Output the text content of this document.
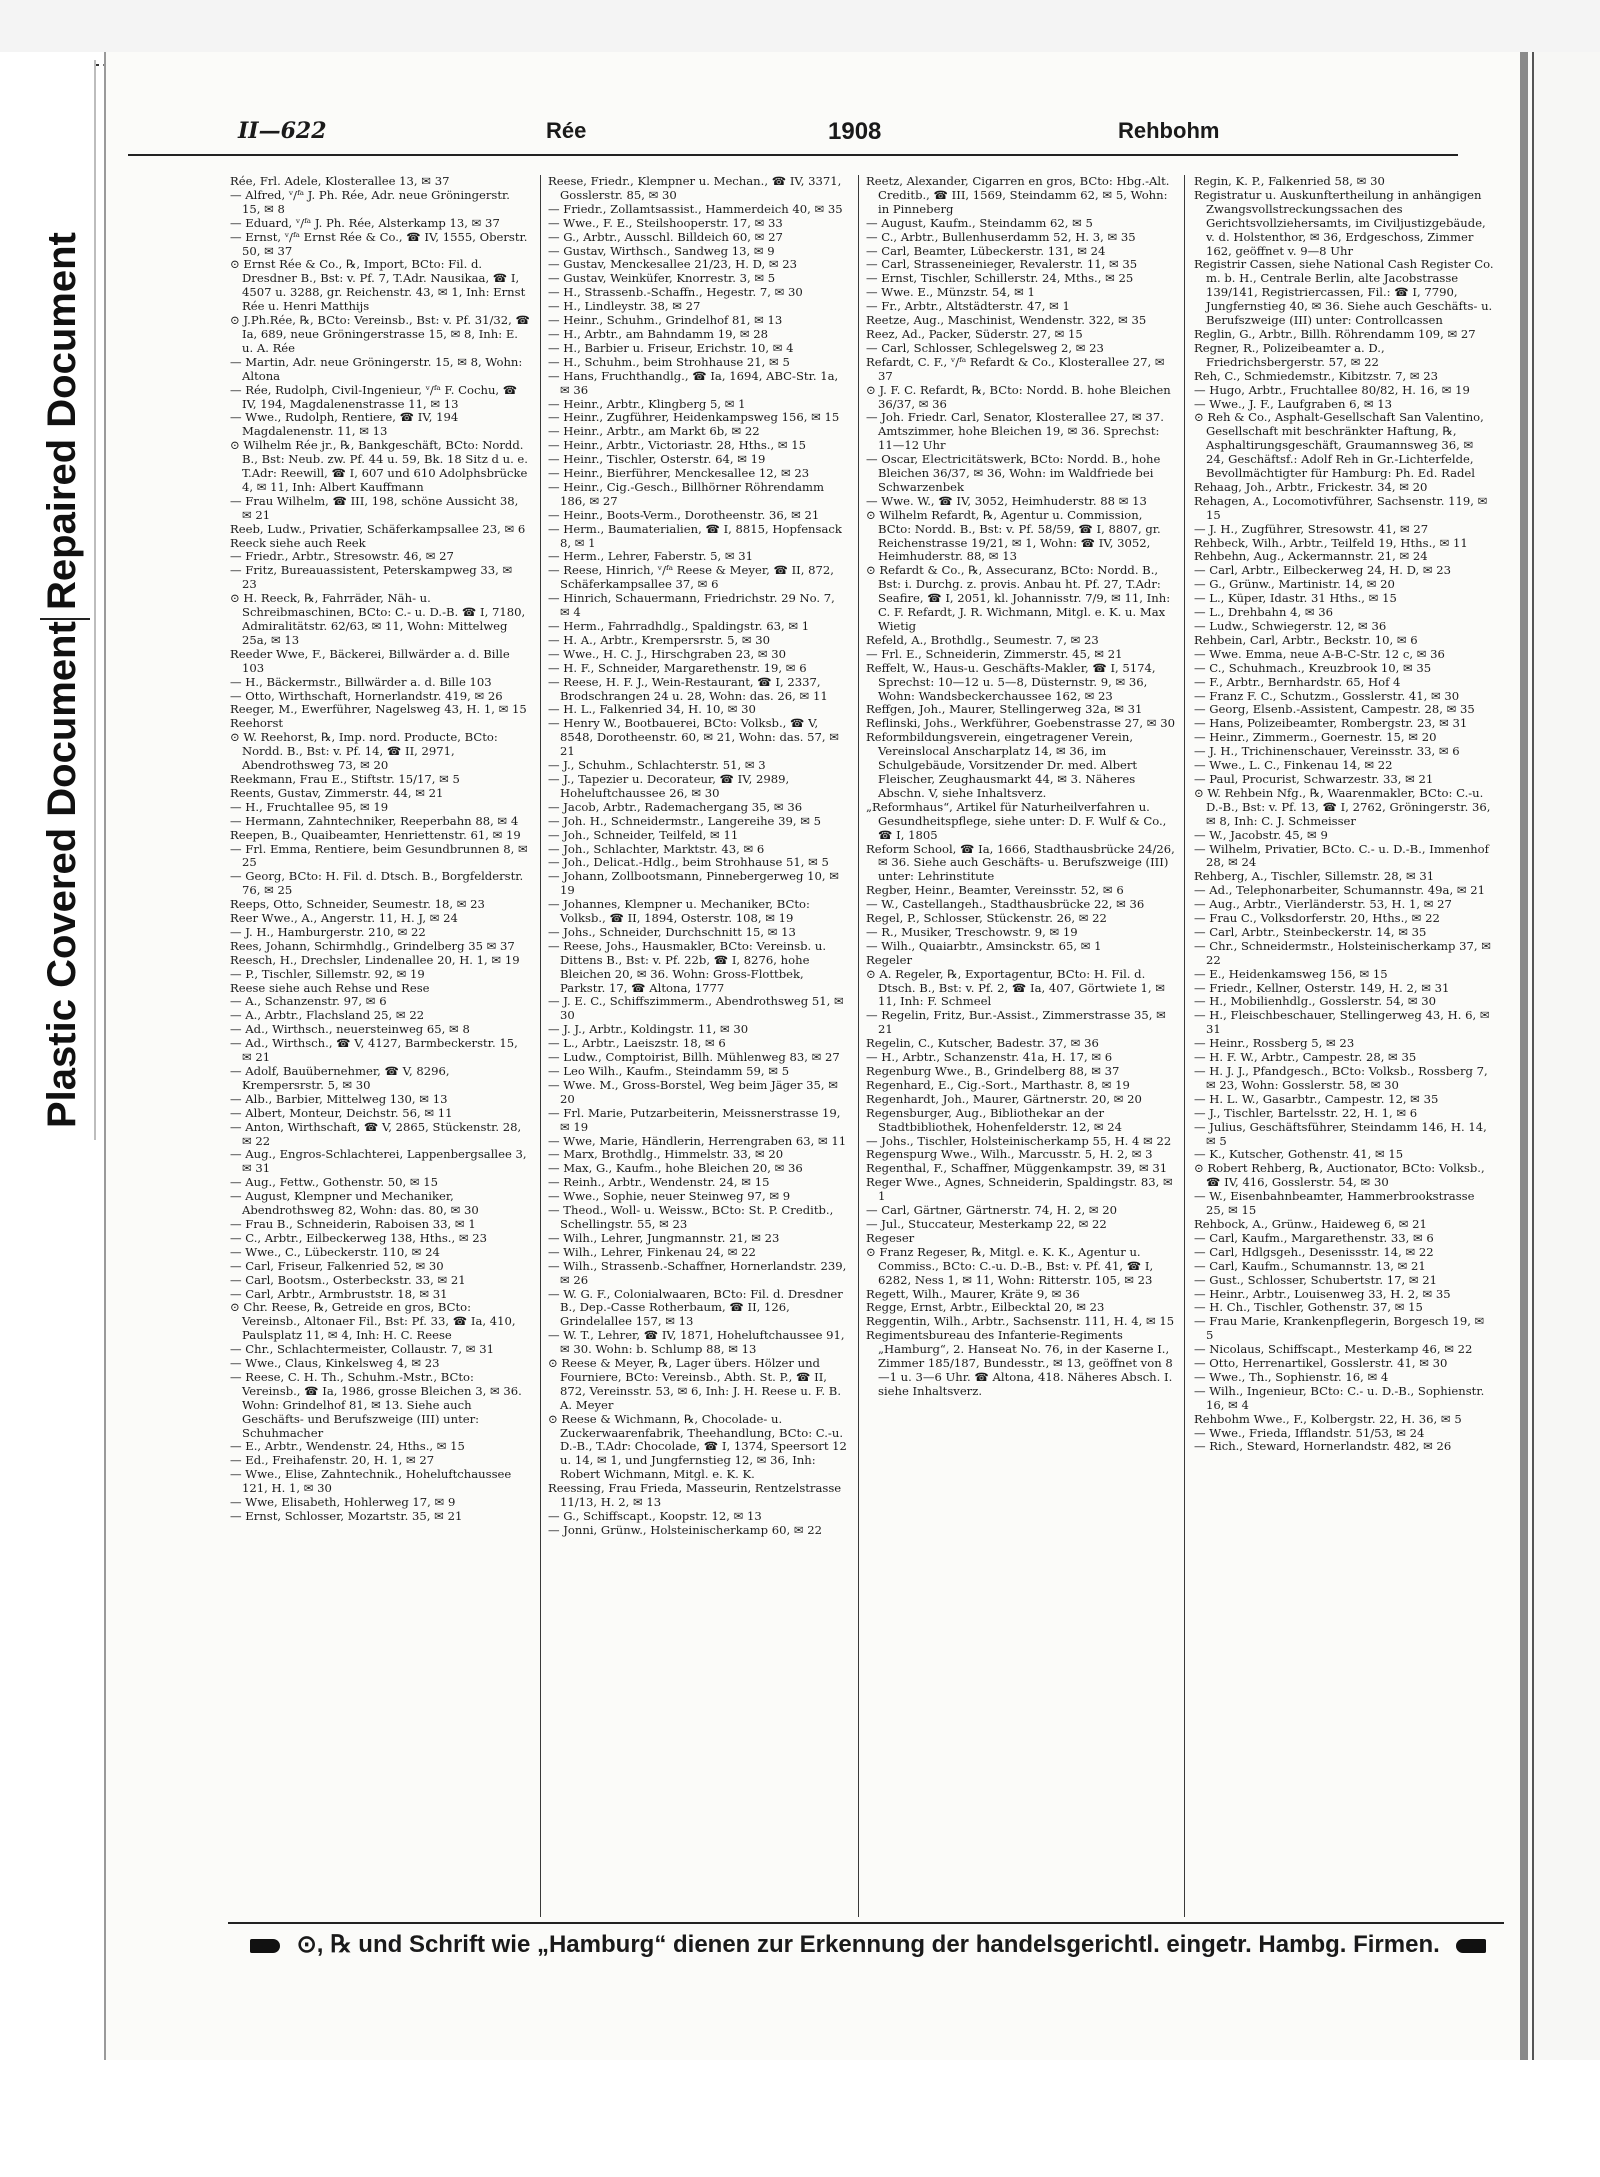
Repaired Document
Plastic Covered Document
II—622	Rée	1908	Rehbohm

Rée, Frl. Adele, Klosterallee 13, ✉ 37

— Alfred, ᵛ/ᶠᵃ J. Ph. Rée, Adr. neue Gröningerstr. 15, ✉ 8

— Eduard, ᵛ/ᶠᵃ J. Ph. Rée, Alsterkamp 13, ✉ 37

— Ernst, ᵛ/ᶠᵃ Ernst Rée & Co., ☎ IV, 1555, Oberstr. 50, ✉ 37

⊙ Ernst Rée & Co., ℞, Import, BCto: Fil. d. Dresdner B., Bst: v. Pf. 7, T.Adr. Nausikaa, ☎ I, 4507 u. 3288, gr. Reichenstr. 43, ✉ 1, Inh: Ernst Rée u. Henri Matthijs

⊙ J.Ph.Rée, ℞, BCto: Vereinsb., Bst: v. Pf. 31/32, ☎ Ia, 689, neue Gröningerstrasse 15, ✉ 8, Inh: E. u. A. Rée

— Martin, Adr. neue Gröningerstr. 15, ✉ 8, Wohn: Altona

— Rée, Rudolph, Civil-Ingenieur, ᵛ/ᶠᵃ F. Cochu, ☎ IV, 194, Magdalenenstrasse 11, ✉ 13

— Wwe., Rudolph, Rentiere, ☎ IV, 194 Magdalenenstr. 11, ✉ 13

⊙ Wilhelm Rée jr., ℞, Bankgeschäft, BCto: Nordd. B., Bst: Neub. zw. Pf. 44 u. 59, Bk. 18 Sitz d u. e. T.Adr: Reewill, ☎ I, 607 und 610 Adolphsbrücke 4, ✉ 11, Inh: Albert Kauffmann

— Frau Wilhelm, ☎ III, 198, schöne Aussicht 38, ✉ 21

Reeb, Ludw., Privatier, Schäferkampsallee 23, ✉ 6

Reeck siehe auch Reek

— Friedr., Arbtr., Stresowstr. 46, ✉ 27

— Fritz, Bureauassistent, Peterskampweg 33, ✉ 23

⊙ H. Reeck, ℞, Fahrräder, Näh- u. Schreibmaschinen, BCto: C.- u. D.-B. ☎ I, 7180, Admiralitätstr. 62/63, ✉ 11, Wohn: Mittelweg 25a, ✉ 13

Reeder Wwe, F., Bäckerei, Billwärder a. d. Bille 103

— H., Bäckermstr., Billwärder a. d. Bille 103

— Otto, Wirthschaft, Hornerlandstr. 419, ✉ 26

Reeger, M., Ewerführer, Nagelsweg 43, H. 1, ✉ 15

Reehorst

⊙ W. Reehorst, ℞, Imp. nord. Producte, BCto: Nordd. B., Bst: v. Pf. 14, ☎ II, 2971, Abendrothsweg 73, ✉ 20

Reekmann, Frau E., Stiftstr. 15/17, ✉ 5

Reents, Gustav, Zimmerstr. 44, ✉ 21

— H., Fruchtallee 95, ✉ 19

— Hermann, Zahntechniker, Reeperbahn 88, ✉ 4

Reepen, B., Quaibeamter, Henriettenstr. 61, ✉ 19

— Frl. Emma, Rentiere, beim Gesundbrunnen 8, ✉ 25

— Georg, BCto: H. Fil. d. Dtsch. B., Borgfelderstr. 76, ✉ 25

Reeps, Otto, Schneider, Seumestr. 18, ✉ 23

Reer Wwe., A., Angerstr. 11, H. J, ✉ 24

— J. H., Hamburgerstr. 210, ✉ 22

Rees, Johann, Schirmhdlg., Grindelberg 35 ✉ 37

Reesch, H., Drechsler, Lindenallee 20, H. 1, ✉ 19

— P., Tischler, Sillemstr. 92, ✉ 19

Reese siehe auch Rehse und Rese

— A., Schanzenstr. 97, ✉ 6

— A., Arbtr., Flachsland 25, ✉ 22

— Ad., Wirthsch., neuersteinweg 65, ✉ 8

— Ad., Wirthsch., ☎ V, 4127, Barmbeckerstr. 15, ✉ 21

— Adolf, Bauübernehmer, ☎ V, 8296, Krempersrstr. 5, ✉ 30

— Alb., Barbier, Mittelweg 130, ✉ 13

— Albert, Monteur, Deichstr. 56, ✉ 11

— Anton, Wirthschaft, ☎ V, 2865, Stückenstr. 28, ✉ 22

— Aug., Engros-Schlachterei, Lappenbergsallee 3, ✉ 31

— Aug., Fettw., Gothenstr. 50, ✉ 15

— August, Klempner und Mechaniker, Abendrothsweg 82, Wohn: das. 80, ✉ 30

— Frau B., Schneiderin, Raboisen 33, ✉ 1

— C., Arbtr., Eilbeckerweg 138, Hths., ✉ 23

— Wwe., C., Lübeckerstr. 110, ✉ 24

— Carl, Friseur, Falkenried 52, ✉ 30

— Carl, Bootsm., Osterbeckstr. 33, ✉ 21

— Carl, Arbtr., Armbruststr. 18, ✉ 31

⊙ Chr. Reese, ℞, Getreide en gros, BCto: Vereinsb., Altonaer Fil., Bst: Pf. 33, ☎ Ia, 410, Paulsplatz 11, ✉ 4, Inh: H. C. Reese

— Chr., Schlachtermeister, Collaustr. 7, ✉ 31

— Wwe., Claus, Kinkelsweg 4, ✉ 23

— Reese, C. H. Th., Schuhm.-Mstr., BCto: Vereinsb., ☎ Ia, 1986, grosse Bleichen 3, ✉ 36. Wohn: Grindelhof 81, ✉ 13. Siehe auch Geschäfts- und Berufszweige (III) unter: Schuhmacher

— E., Arbtr., Wendenstr. 24, Hths., ✉ 15

— Ed., Freihafenstr. 20, H. 1, ✉ 27

— Wwe., Elise, Zahntechnik., Hoheluftchaussee 121, H. 1, ✉ 30

— Wwe, Elisabeth, Hohlerweg 17, ✉ 9

— Ernst, Schlosser, Mozartstr. 35, ✉ 21

Reese, Friedr., Klempner u. Mechan., ☎ IV, 3371, Gosslerstr. 85, ✉ 30

— Friedr., Zollamtsassist., Hammerdeich 40, ✉ 35

— Wwe., F. E., Steilshooperstr. 17, ✉ 33

— G., Arbtr., Ausschl. Billdeich 60, ✉ 27

— Gustav, Wirthsch., Sandweg 13, ✉ 9

— Gustav, Menckesallee 21/23, H. D, ✉ 23

— Gustav, Weinküfer, Knorrestr. 3, ✉ 5

— H., Strassenb.-Schaffn., Hegestr. 7, ✉ 30

— H., Lindleystr. 38, ✉ 27

— Heinr., Schuhm., Grindelhof 81, ✉ 13

— H., Arbtr., am Bahndamm 19, ✉ 28

— H., Barbier u. Friseur, Erichstr. 10, ✉ 4

— H., Schuhm., beim Strohhause 21, ✉ 5

— Hans, Fruchthandlg., ☎ Ia, 1694, ABC-Str. 1a, ✉ 36

— Heinr., Arbtr., Klingberg 5, ✉ 1

— Heinr., Zugführer, Heidenkampsweg 156, ✉ 15

— Heinr., Arbtr., am Markt 6b, ✉ 22

— Heinr., Arbtr., Victoriastr. 28, Hths., ✉ 15

— Heinr., Tischler, Osterstr. 64, ✉ 19

— Heinr., Bierführer, Menckesallee 12, ✉ 23

— Heinr., Cig.-Gesch., Billhörner Röhrendamm 186, ✉ 27

— Heinr., Boots-Verm., Dorotheenstr. 36, ✉ 21

— Herm., Baumaterialien, ☎ I, 8815, Hopfensack 8, ✉ 1

— Herm., Lehrer, Faberstr. 5, ✉ 31

— Reese, Hinrich, ᵛ/ᶠᵃ Reese & Meyer, ☎ II, 872, Schäferkampsallee 37, ✉ 6

— Hinrich, Schauermann, Friedrichstr. 29 No. 7, ✉ 4

— Herm., Fahrradhdlg., Spaldingstr. 63, ✉ 1

— H. A., Arbtr., Krempersrstr. 5, ✉ 30

— Wwe., H. C. J., Hirschgraben 23, ✉ 30

— H. F., Schneider, Margarethenstr. 19, ✉ 6

— Reese, H. F. J., Wein-Restaurant, ☎ I, 2337, Brodschrangen 24 u. 28, Wohn: das. 26, ✉ 11

— H. L., Falkenried 34, H. 10, ✉ 30

— Henry W., Bootbauerei, BCto: Volksb., ☎ V, 8548, Dorotheenstr. 60, ✉ 21, Wohn: das. 57, ✉ 21

— J., Schuhm., Schlachterstr. 51, ✉ 3

— J., Tapezier u. Decorateur, ☎ IV, 2989, Hoheluftchaussee 26, ✉ 30

— Jacob, Arbtr., Rademachergang 35, ✉ 36

— Joh. H., Schneidermstr., Langereihe 39, ✉ 5

— Joh., Schneider, Teilfeld, ✉ 11

— Joh., Schlachter, Marktstr. 43, ✉ 6

— Joh., Delicat.-Hdlg., beim Strohhause 51, ✉ 5

— Johann, Zollbootsmann, Pinnebergerweg 10, ✉ 19

— Johannes, Klempner u. Mechaniker, BCto: Volksb., ☎ II, 1894, Osterstr. 108, ✉ 19

— Johs., Schneider, Durchschnitt 15, ✉ 13

— Reese, Johs., Hausmakler, BCto: Vereinsb. u. Dittens B., Bst: v. Pf. 22b, ☎ I, 8276, hohe Bleichen 20, ✉ 36. Wohn: Gross-Flottbek, Parkstr. 17, ☎ Altona, 1777

— J. E. C., Schiffszimmerm., Abendrothsweg 51, ✉ 30

— J. J., Arbtr., Koldingstr. 11, ✉ 30

— L., Arbtr., Laeiszstr. 18, ✉ 6

— Ludw., Comptoirist, Billh. Mühlenweg 83, ✉ 27

— Leo Wilh., Kaufm., Steindamm 59, ✉ 5

— Wwe. M., Gross-Borstel, Weg beim Jäger 35, ✉ 20

— Frl. Marie, Putzarbeiterin, Meissnerstrasse 19, ✉ 19

— Wwe, Marie, Händlerin, Herrengraben 63, ✉ 11

— Marx, Brothdlg., Himmelstr. 33, ✉ 20

— Max, G., Kaufm., hohe Bleichen 20, ✉ 36

— Reinh., Arbtr., Wendenstr. 24, ✉ 15

— Wwe., Sophie, neuer Steinweg 97, ✉ 9

— Theod., Woll- u. Weissw., BCto: St. P. Creditb., Schellingstr. 55, ✉ 23

— Wilh., Lehrer, Jungmannstr. 21, ✉ 23

— Wilh., Lehrer, Finkenau 24, ✉ 22

— Wilh., Strassenb.-Schaffner, Hornerlandstr. 239, ✉ 26

— W. G. F., Colonialwaaren, BCto: Fil. d. Dresdner B., Dep.-Casse Rotherbaum, ☎ II, 126, Grindelallee 157, ✉ 13

— W. T., Lehrer, ☎ IV, 1871, Hoheluftchaussee 91, ✉ 30. Wohn: b. Schlump 88, ✉ 13

⊙ Reese & Meyer, ℞, Lager übers. Hölzer und Fourniere, BCto: Vereinsb., Abth. St. P., ☎ II, 872, Vereinsstr. 53, ✉ 6, Inh: J. H. Reese u. F. B. A. Meyer

⊙ Reese & Wichmann, ℞, Chocolade- u. Zuckerwaarenfabrik, Theehandlung, BCto: C.-u. D.-B., T.Adr: Chocolade, ☎ I, 1374, Speersort 12 u. 14, ✉ 1, und Jungfernstieg 12, ✉ 36, Inh: Robert Wichmann, Mitgl. e. K. K.

Reessing, Frau Frieda, Masseurin, Rentzelstrasse 11/13, H. 2, ✉ 13

— G., Schiffscapt., Koopstr. 12, ✉ 13

— Jonni, Grünw., Holsteinischerkamp 60, ✉ 22

Reetz, Alexander, Cigarren en gros, BCto: Hbg.-Alt. Creditb., ☎ III, 1569, Steindamm 62, ✉ 5, Wohn: in Pinneberg

— August, Kaufm., Steindamm 62, ✉ 5

— C., Arbtr., Bullenhuserdamm 52, H. 3, ✉ 35

— Carl, Beamter, Lübeckerstr. 131, ✉ 24

— Carl, Strasseneinieger, Revalerstr. 11, ✉ 35

— Ernst, Tischler, Schillerstr. 24, Mths., ✉ 25

— Wwe. E., Münzstr. 54, ✉ 1

— Fr., Arbtr., Altstädterstr. 47, ✉ 1

Reetze, Aug., Maschinist, Wendenstr. 322, ✉ 35

Reez, Ad., Packer, Süderstr. 27, ✉ 15

— Carl, Schlosser, Schlegelsweg 2, ✉ 23

Refardt, C. F., ᵛ/ᶠᵃ Refardt & Co., Klosterallee 27, ✉ 37

⊙ J. F. C. Refardt, ℞, BCto: Nordd. B. hohe Bleichen 36/37, ✉ 36

— Joh. Friedr. Carl, Senator, Klosterallee 27, ✉ 37. Amtszimmer, hohe Bleichen 19, ✉ 36. Sprechst: 11—12 Uhr

— Oscar, Electricitätswerk, BCto: Nordd. B., hohe Bleichen 36/37, ✉ 36, Wohn: im Waldfriede bei Schwarzenbek

— Wwe. W., ☎ IV, 3052, Heimhuderstr. 88 ✉ 13

⊙ Wilhelm Refardt, ℞, Agentur u. Commission, BCto: Nordd. B., Bst: v. Pf. 58/59, ☎ I, 8807, gr. Reichenstrasse 19/21, ✉ 1, Wohn: ☎ IV, 3052, Heimhuderstr. 88, ✉ 13

⊙ Refardt & Co., ℞, Assecuranz, BCto: Nordd. B., Bst: i. Durchg. z. provis. Anbau ht. Pf. 27, T.Adr: Seafire, ☎ I, 2051, kl. Johannisstr. 7/9, ✉ 11, Inh: C. F. Refardt, J. R. Wichmann, Mitgl. e. K. u. Max Wietig

Refeld, A., Brothdlg., Seumestr. 7, ✉ 23

— Frl. E., Schneiderin, Zimmerstr. 45, ✉ 21

Reffelt, W., Haus-u. Geschäfts-Makler, ☎ I, 5174, Sprechst: 10—12 u. 5—8, Düsternstr. 9, ✉ 36, Wohn: Wandsbeckerchaussee 162, ✉ 23

Reffgen, Joh., Maurer, Stellingerweg 32a, ✉ 31

Reflinski, Johs., Werkführer, Goebenstrasse 27, ✉ 30

Reformbildungsverein, eingetragener Verein, Vereinslocal Anscharplatz 14, ✉ 36, im Schulgebäude, Vorsitzender Dr. med. Albert Fleischer, Zeughausmarkt 44, ✉ 3. Näheres Abschn. V, siehe Inhaltsverz.

„Reformhaus“, Artikel für Naturheilverfahren u. Gesundheitspflege, siehe unter: D. F. Wulf & Co., ☎ I, 1805

Reform School, ☎ Ia, 1666, Stadthausbrücke 24/26, ✉ 36. Siehe auch Geschäfts- u. Berufszweige (III) unter: Lehrinstitute

Regber, Heinr., Beamter, Vereinsstr. 52, ✉ 6

— W., Castellangeh., Stadthausbrücke 22, ✉ 36

Regel, P., Schlosser, Stückenstr. 26, ✉ 22

— R., Musiker, Treschowstr. 9, ✉ 19

— Wilh., Quaiarbtr., Amsinckstr. 65, ✉ 1

Regeler

⊙ A. Regeler, ℞, Exportagentur, BCto: H. Fil. d. Dtsch. B., Bst: v. Pf. 2, ☎ Ia, 407, Görtwiete 1, ✉ 11, Inh: F. Schmeel

— Regelin, Fritz, Bur.-Assist., Zimmerstrasse 35, ✉ 21

Regelin, C., Kutscher, Badestr. 37, ✉ 36

— H., Arbtr., Schanzenstr. 41a, H. 17, ✉ 6

Regenburg Wwe., B., Grindelberg 88, ✉ 37

Regenhard, E., Cig.-Sort., Marthastr. 8, ✉ 19

Regenhardt, Joh., Maurer, Gärtnerstr. 20, ✉ 20

Regensburger, Aug., Bibliothekar an der Stadtbibliothek, Hohenfelderstr. 12, ✉ 24

— Johs., Tischler, Holsteinischerkamp 55, H. 4 ✉ 22

Regenspurg Wwe., Wilh., Marcusstr. 5, H. 2, ✉ 3

Regenthal, F., Schaffner, Müggenkampstr. 39, ✉ 31

Reger Wwe., Agnes, Schneiderin, Spaldingstr. 83, ✉ 1

— Carl, Gärtner, Gärtnerstr. 74, H. 2, ✉ 20

— Jul., Stuccateur, Mesterkamp 22, ✉ 22

Regeser

⊙ Franz Regeser, ℞, Mitgl. e. K. K., Agentur u. Commiss., BCto: C.-u. D.-B., Bst: v. Pf. 41, ☎ I, 6282, Ness 1, ✉ 11, Wohn: Ritterstr. 105, ✉ 23

Regett, Wilh., Maurer, Kräte 9, ✉ 36

Regge, Ernst, Arbtr., Eilbecktal 20, ✉ 23

Reggentin, Wilh., Arbtr., Sachsenstr. 111, H. 4, ✉ 15

Regimentsbureau des Infanterie-Regiments „Hamburg“, 2. Hanseat No. 76, in der Kaserne I., Zimmer 185/187, Bundesstr., ✉ 13, geöffnet von 8—1 u. 3—6 Uhr. ☎ Altona, 418. Näheres Absch. I. siehe Inhaltsverz.

Regin, K. P., Falkenried 58, ✉ 30

Registratur u. Auskunftertheilung in anhängigen Zwangsvollstreckungssachen des Gerichtsvollziehersamts, im Civiljustizgebäude, v. d. Holstenthor, ✉ 36, Erdgeschoss, Zimmer 162, geöffnet v. 9—8 Uhr

Registrir Cassen, siehe National Cash Register Co. m. b. H., Centrale Berlin, alte Jacobstrasse 139/141, Registriercassen, Fil.: ☎ I, 7790, Jungfernstieg 40, ✉ 36. Siehe auch Geschäfts- u. Berufszweige (III) unter: Controllcassen

Reglin, G., Arbtr., Billh. Röhrendamm 109, ✉ 27

Regner, R., Polizeibeamter a. D., Friedrichsbergerstr. 57, ✉ 22

Reh, C., Schmiedemstr., Kibitzstr. 7, ✉ 23

— Hugo, Arbtr., Fruchtallee 80/82, H. 16, ✉ 19

— Wwe., J. F., Laufgraben 6, ✉ 13

⊙ Reh & Co., Asphalt-Gesellschaft San Valentino, Gesellschaft mit beschränkter Haftung, ℞, Asphaltirungsgeschäft, Graumannsweg 36, ✉ 24, Geschäftsf.: Adolf Reh in Gr.-Lichterfelde, Bevollmächtigter für Hamburg: Ph. Ed. Radel

Rehaag, Joh., Arbtr., Frickestr. 34, ✉ 20

Rehagen, A., Locomotivführer, Sachsenstr. 119, ✉ 15

— J. H., Zugführer, Stresowstr. 41, ✉ 27

Rehbeck, Wilh., Arbtr., Teilfeld 19, Hths., ✉ 11

Rehbehn, Aug., Ackermannstr. 21, ✉ 24

— Carl, Arbtr., Eilbeckerweg 24, H. D, ✉ 23

— G., Grünw., Martinistr. 14, ✉ 20

— L., Küper, Idastr. 31 Hths., ✉ 15

— L., Drehbahn 4, ✉ 36

— Ludw., Schwiegerstr. 12, ✉ 36

Rehbein, Carl, Arbtr., Beckstr. 10, ✉ 6

— Wwe. Emma, neue A-B-C-Str. 12 c, ✉ 36

— C., Schuhmach., Kreuzbrook 10, ✉ 35

— F., Arbtr., Bernhardstr. 65, Hof 4

— Franz F. C., Schutzm., Gosslerstr. 41, ✉ 30

— Georg, Elsenb.-Assistent, Campestr. 28, ✉ 35

— Hans, Polizeibeamter, Rombergstr. 23, ✉ 31

— Heinr., Zimmerm., Goernestr. 15, ✉ 20

— J. H., Trichinenschauer, Vereinsstr. 33, ✉ 6

— Wwe., L. C., Finkenau 14, ✉ 22

— Paul, Procurist, Schwarzestr. 33, ✉ 21

⊙ W. Rehbein Nfg., ℞, Waarenmakler, BCto: C.-u. D.-B., Bst: v. Pf. 13, ☎ I, 2762, Gröningerstr. 36, ✉ 8, Inh: C. J. Schmeisser

— W., Jacobstr. 45, ✉ 9

— Wilhelm, Privatier, BCto. C.- u. D.-B., Immenhof 28, ✉ 24

Rehberg, A., Tischler, Sillemstr. 28, ✉ 31

— Ad., Telephonarbeiter, Schumannstr. 49a, ✉ 21

— Aug., Arbtr., Vierländerstr. 53, H. 1, ✉ 27

— Frau C., Volksdorferstr. 20, Hths., ✉ 22

— Carl, Arbtr., Steinbeckerstr. 14, ✉ 35

— Chr., Schneidermstr., Holsteinischerkamp 37, ✉ 22

— E., Heidenkamsweg 156, ✉ 15

— Friedr., Kellner, Osterstr. 149, H. 2, ✉ 31

— H., Mobilienhdlg., Gosslerstr. 54, ✉ 30

— H., Fleischbeschauer, Stellingerweg 43, H. 6, ✉ 31

— Heinr., Rossberg 5, ✉ 23

— H. F. W., Arbtr., Campestr. 28, ✉ 35

— H. J. J., Pfandgesch., BCto: Volksb., Rossberg 7, ✉ 23, Wohn: Gosslerstr. 58, ✉ 30

— H. L. W., Gasarbtr., Campestr. 12, ✉ 35

— J., Tischler, Bartelsstr. 22, H. 1, ✉ 6

— Julius, Geschäftsführer, Steindamm 146, H. 14, ✉ 5

— K., Kutscher, Gothenstr. 41, ✉ 15

⊙ Robert Rehberg, ℞, Auctionator, BCto: Volksb., ☎ IV, 416, Gosslerstr. 54, ✉ 30

— W., Eisenbahnbeamter, Hammerbrookstrasse 25, ✉ 15

Rehbock, A., Grünw., Haideweg 6, ✉ 21

— Carl, Kaufm., Margarethenstr. 33, ✉ 6

— Carl, Hdlgsgeh., Desenissstr. 14, ✉ 22

— Carl, Kaufm., Schumannstr. 13, ✉ 21

— Gust., Schlosser, Schubertstr. 17, ✉ 21

— Heinr., Arbtr., Louisenweg 33, H. 2, ✉ 35

— H. Ch., Tischler, Gothenstr. 37, ✉ 15

— Frau Marie, Krankenpflegerin, Borgesch 19, ✉ 5

— Nicolaus, Schiffscapt., Mesterkamp 46, ✉ 22

— Otto, Herrenartikel, Gosslerstr. 41, ✉ 30

— Wwe., Th., Sophienstr. 16, ✉ 4

— Wilh., Ingenieur, BCto: C.- u. D.-B., Sophienstr. 16, ✉ 4

Rehbohm Wwe., F., Kolbergstr. 22, H. 36, ✉ 5

— Wwe., Frieda, Ifflandstr. 51/53, ✉ 24

— Rich., Steward, Hornerlandstr. 482, ✉ 26

⊙, ℞ und Schrift wie „Hamburg“ dienen zur Erkennung der handelsgerichtl. eingetr. Hambg. Firmen.
